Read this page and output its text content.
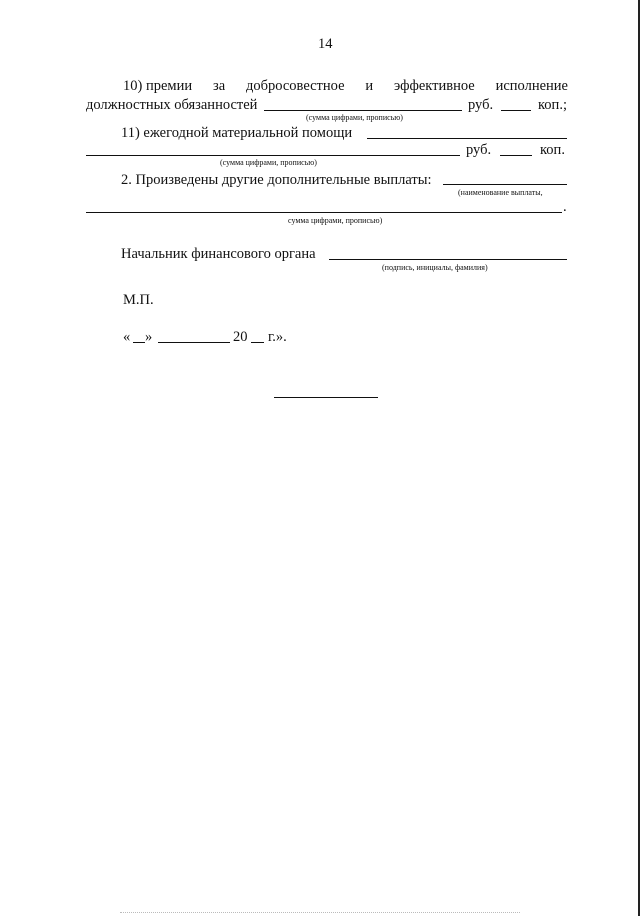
14
10) премии за добросовестное и эффективное исполнение
должностных обязанностей	руб.	коп.;
(сумма цифрами, прописью)
11) ежегодной материальной помощи
руб.	коп.
(сумма цифрами, прописью)
2. Произведены другие дополнительные выплаты:
(наименование выплаты,
.
сумма цифрами, прописью)
Начальник финансового органа
(подпись, инициалы, фамилия)
М.П.
« »	20 г.».
